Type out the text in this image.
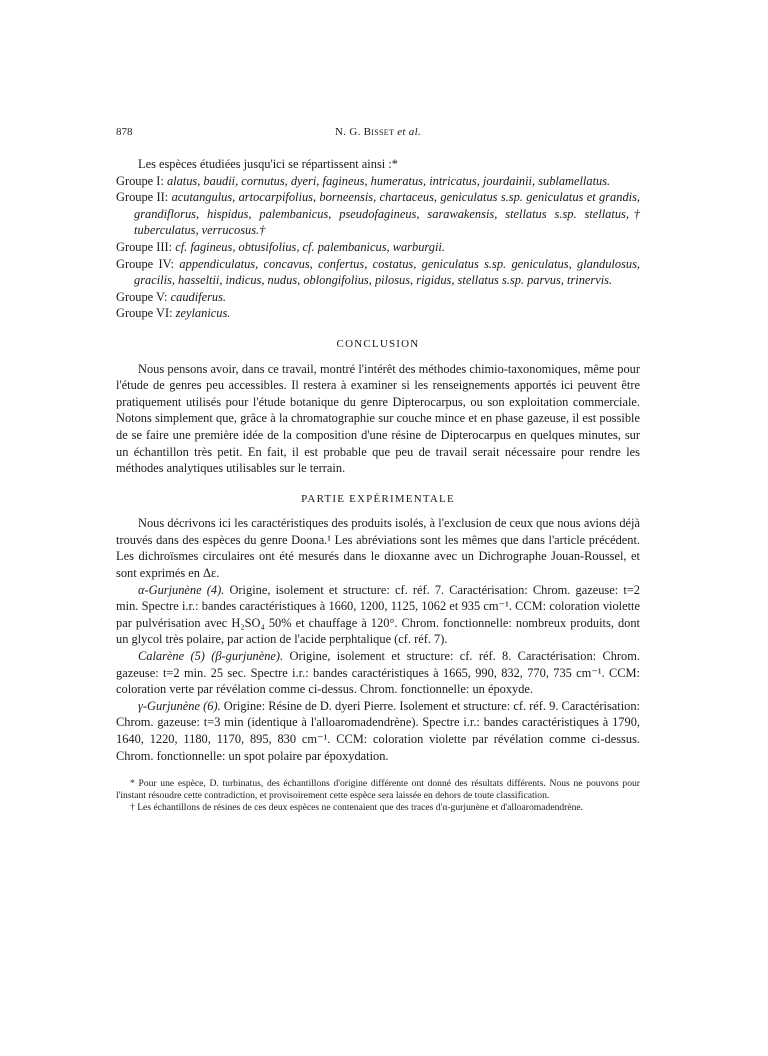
878	N. G. Bisset et al.

Les espèces étudiées jusqu'ici se répartissent ainsi :*

Groupe I: alatus, baudii, cornutus, dyeri, fagineus, humeratus, intricatus, jourdainii, sublamellatus.

Groupe II: acutangulus, artocarpifolius, borneensis, chartaceus, geniculatus s.sp. geniculatus et grandis, grandiflorus, hispidus, palembanicus, pseudofagineus, sarawakensis, stellatus s.sp. stellatus,† tuberculatus, verrucosus.†

Groupe III: cf. fagineus, obtusifolius, cf. palembanicus, warburgii.

Groupe IV: appendiculatus, concavus, confertus, costatus, geniculatus s.sp. geniculatus, glandulosus, gracilis, hasseltii, indicus, nudus, oblongifolius, pilosus, rigidus, stellatus s.sp. parvus, trinervis.

Groupe V: caudiferus.

Groupe VI: zeylanicus.

CONCLUSION

Nous pensons avoir, dans ce travail, montré l'intérêt des méthodes chimio-taxonomiques, même pour l'étude de genres peu accessibles. Il restera à examiner si les renseignements apportés ici peuvent être pratiquement utilisés pour l'étude botanique du genre Dipterocarpus, ou son exploitation commerciale. Notons simplement que, grâce à la chromatographie sur couche mince et en phase gazeuse, il est possible de se faire une première idée de la composition d'une résine de Dipterocarpus en quelques minutes, sur un échantillon très petit. En fait, il est probable que peu de travail serait nécessaire pour rendre les méthodes analytiques utilisables sur le terrain.

PARTIE EXPÉRIMENTALE

Nous décrivons ici les caractéristiques des produits isolés, à l'exclusion de ceux que nous avions déjà trouvés dans des espèces du genre Doona.¹ Les abréviations sont les mêmes que dans l'article précédent. Les dichroïsmes circulaires ont été mesurés dans le dioxanne avec un Dichrographe Jouan-Roussel, et sont exprimés en Δε.

α-Gurjunène (4). Origine, isolement et structure: cf. réf. 7. Caractérisation: Chrom. gazeuse: t=2 min. Spectre i.r.: bandes caractéristiques à 1660, 1200, 1125, 1062 et 935 cm⁻¹. CCM: coloration violette par pulvérisation avec H₂SO₄ 50% et chauffage à 120°. Chrom. fonctionnelle: nombreux produits, dont un glycol très polaire, par action de l'acide perphtalique (cf. réf. 7).

Calarène (5) (β-gurjunène). Origine, isolement et structure: cf. réf. 8. Caractérisation: Chrom. gazeuse: t=2 min. 25 sec. Spectre i.r.: bandes caractéristiques à 1665, 990, 832, 770, 735 cm⁻¹. CCM: coloration verte par révélation comme ci-dessus. Chrom. fonctionnelle: un époxyde.

γ-Gurjunène (6). Origine: Résine de D. dyeri Pierre. Isolement et structure: cf. réf. 9. Caractérisation: Chrom. gazeuse: t=3 min (identique à l'alloaromadendrène). Spectre i.r.: bandes caractéristiques à 1790, 1640, 1220, 1180, 1170, 895, 830 cm⁻¹. CCM: coloration violette par révélation comme ci-dessus. Chrom. fonctionnelle: un spot polaire par époxydation.

* Pour une espèce, D. turbinatus, des échantillons d'origine différente ont donné des résultats différents. Nous ne pouvons pour l'instant résoudre cette contradiction, et provisoirement cette espèce sera laissée en dehors de toute classification.

† Les échantillons de résines de ces deux espèces ne contenaient que des traces d'α-gurjunène et d'alloaromadendrène.
